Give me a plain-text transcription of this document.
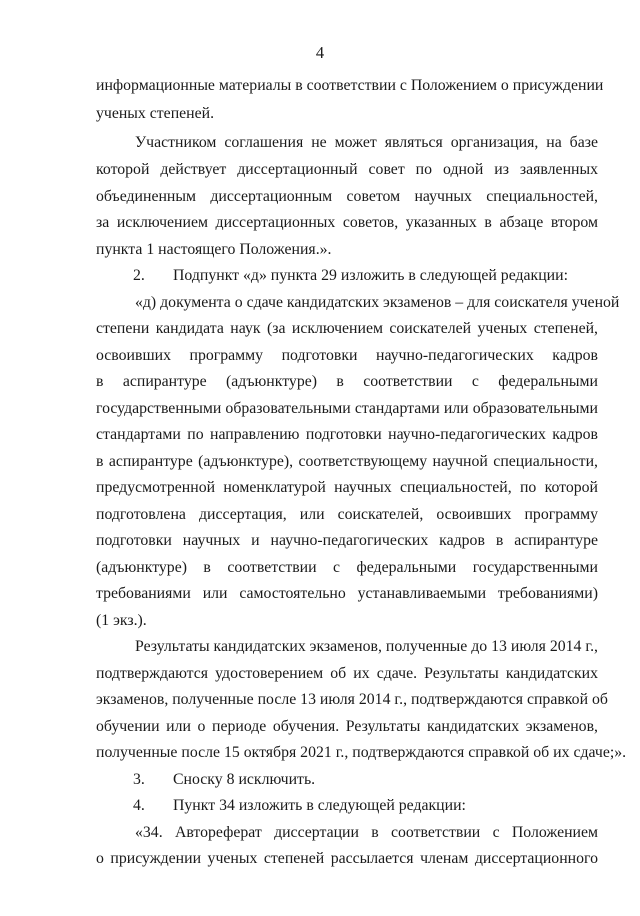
4
информационные материалы в соответствии с Положением о присуждении
ученых степеней.
Участником соглашения не может являться организация, на базе
которой действует диссертационный совет по одной из заявленных
объединенным диссертационным советом научных специальностей,
за исключением диссертационных советов, указанных в абзаце втором
пункта 1 настоящего Положения.».
2. Подпункт «д» пункта 29 изложить в следующей редакции:
«д) документа о сдаче кандидатских экзаменов – для соискателя ученой
степени кандидата наук (за исключением соискателей ученых степеней,
освоивших программу подготовки научно-педагогических кадров
в аспирантуре (адъюнктуре) в соответствии с федеральными
государственными образовательными стандартами или образовательными
стандартами по направлению подготовки научно-педагогических кадров
в аспирантуре (адъюнктуре), соответствующему научной специальности,
предусмотренной номенклатурой научных специальностей, по которой
подготовлена диссертация, или соискателей, освоивших программу
подготовки научных и научно-педагогических кадров в аспирантуре
(адъюнктуре) в соответствии с федеральными государственными
требованиями или самостоятельно устанавливаемыми требованиями)
(1 экз.).
Результаты кандидатских экзаменов, полученные до 13 июля 2014 г.,
подтверждаются удостоверением об их сдаче. Результаты кандидатских
экзаменов, полученные после 13 июля 2014 г., подтверждаются справкой об
обучении или о периоде обучения. Результаты кандидатских экзаменов,
полученные после 15 октября 2021 г., подтверждаются справкой об их сдаче;».
3. Сноску 8 исключить.
4. Пункт 34 изложить в следующей редакции:
«34. Автореферат диссертации в соответствии с Положением
о присуждении ученых степеней рассылается членам диссертационного
